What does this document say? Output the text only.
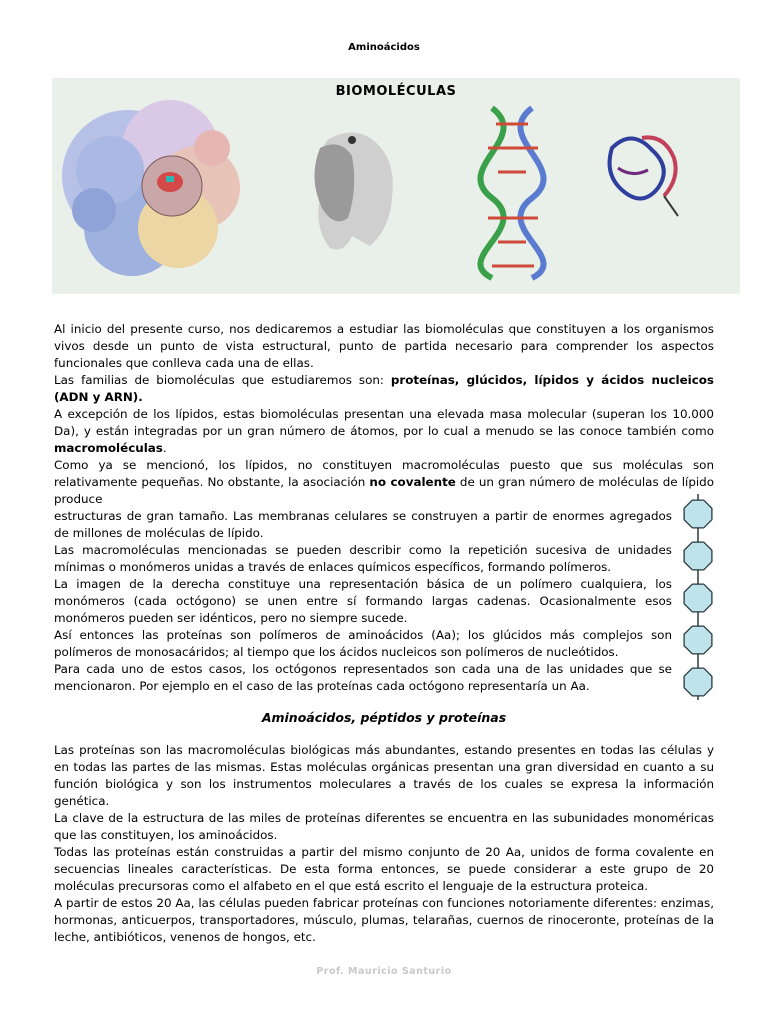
Aminoácidos
BIOMOLÉCULAS

Al inicio del presente curso, nos dedicaremos a estudiar las biomoléculas que constituyen a los organismos vivos desde un punto de vista estructural, punto de partida necesario para comprender los aspectos funcionales que conlleva cada una de ellas.

Las familias de biomoléculas que estudiaremos son: proteínas, glúcidos, lípidos y ácidos nucleicos (ADN y ARN).

A excepción de los lípidos, estas biomoléculas presentan una elevada masa molecular (superan los 10.000 Da), y están integradas por un gran número de átomos, por lo cual a menudo se las conoce también como macromoléculas.

Como ya se mencionó, los lípidos, no constituyen macromoléculas puesto que sus moléculas son relativamente pequeñas. No obstante, la asociación no covalente de un gran número de moléculas de lípido produce

estructuras de gran tamaño. Las membranas celulares se construyen a partir de enormes agregados de millones de moléculas de lípido.

Las macromoléculas mencionadas se pueden describir como la repetición sucesiva de unidades mínimas o monómeros unidas a través de enlaces químicos específicos, formando polímeros.

La imagen de la derecha constituye una representación básica de un polímero cualquiera, los monómeros (cada octógono) se unen entre sí formando largas cadenas. Ocasionalmente esos monómeros pueden ser idénticos, pero no siempre sucede.

Así entonces las proteínas son polímeros de aminoácidos (Aa); los glúcidos más complejos son polímeros de monosacáridos; al tiempo que los ácidos nucleicos son polímeros de nucleótidos.

Para cada uno de estos casos, los octógonos representados son cada una de las unidades que se mencionaron. Por ejemplo en el caso de las proteínas cada octógono representaría un Aa.

Aminoácidos, péptidos y proteínas

Las proteínas son las macromoléculas biológicas más abundantes, estando presentes en todas las células y en todas las partes de las mismas. Estas moléculas orgánicas presentan una gran diversidad en cuanto a su función biológica y son los instrumentos moleculares a través de los cuales se expresa la información genética.

La clave de la estructura de las miles de proteínas diferentes se encuentra en las subunidades monoméricas que las constituyen, los aminoácidos.

Todas las proteínas están construidas a partir del mismo conjunto de 20 Aa, unidos de forma covalente en secuencias lineales características. De esta forma entonces, se puede considerar a este grupo de 20 moléculas precursoras como el alfabeto en el que está escrito el lenguaje de la estructura proteica.

A partir de estos 20 Aa, las células pueden fabricar proteínas con funciones notoriamente diferentes: enzimas, hormonas, anticuerpos, transportadores, músculo, plumas, telarañas, cuernos de rinoceronte, proteínas de la leche, antibióticos, venenos de hongos, etc.

Prof. Mauricio Santurio
